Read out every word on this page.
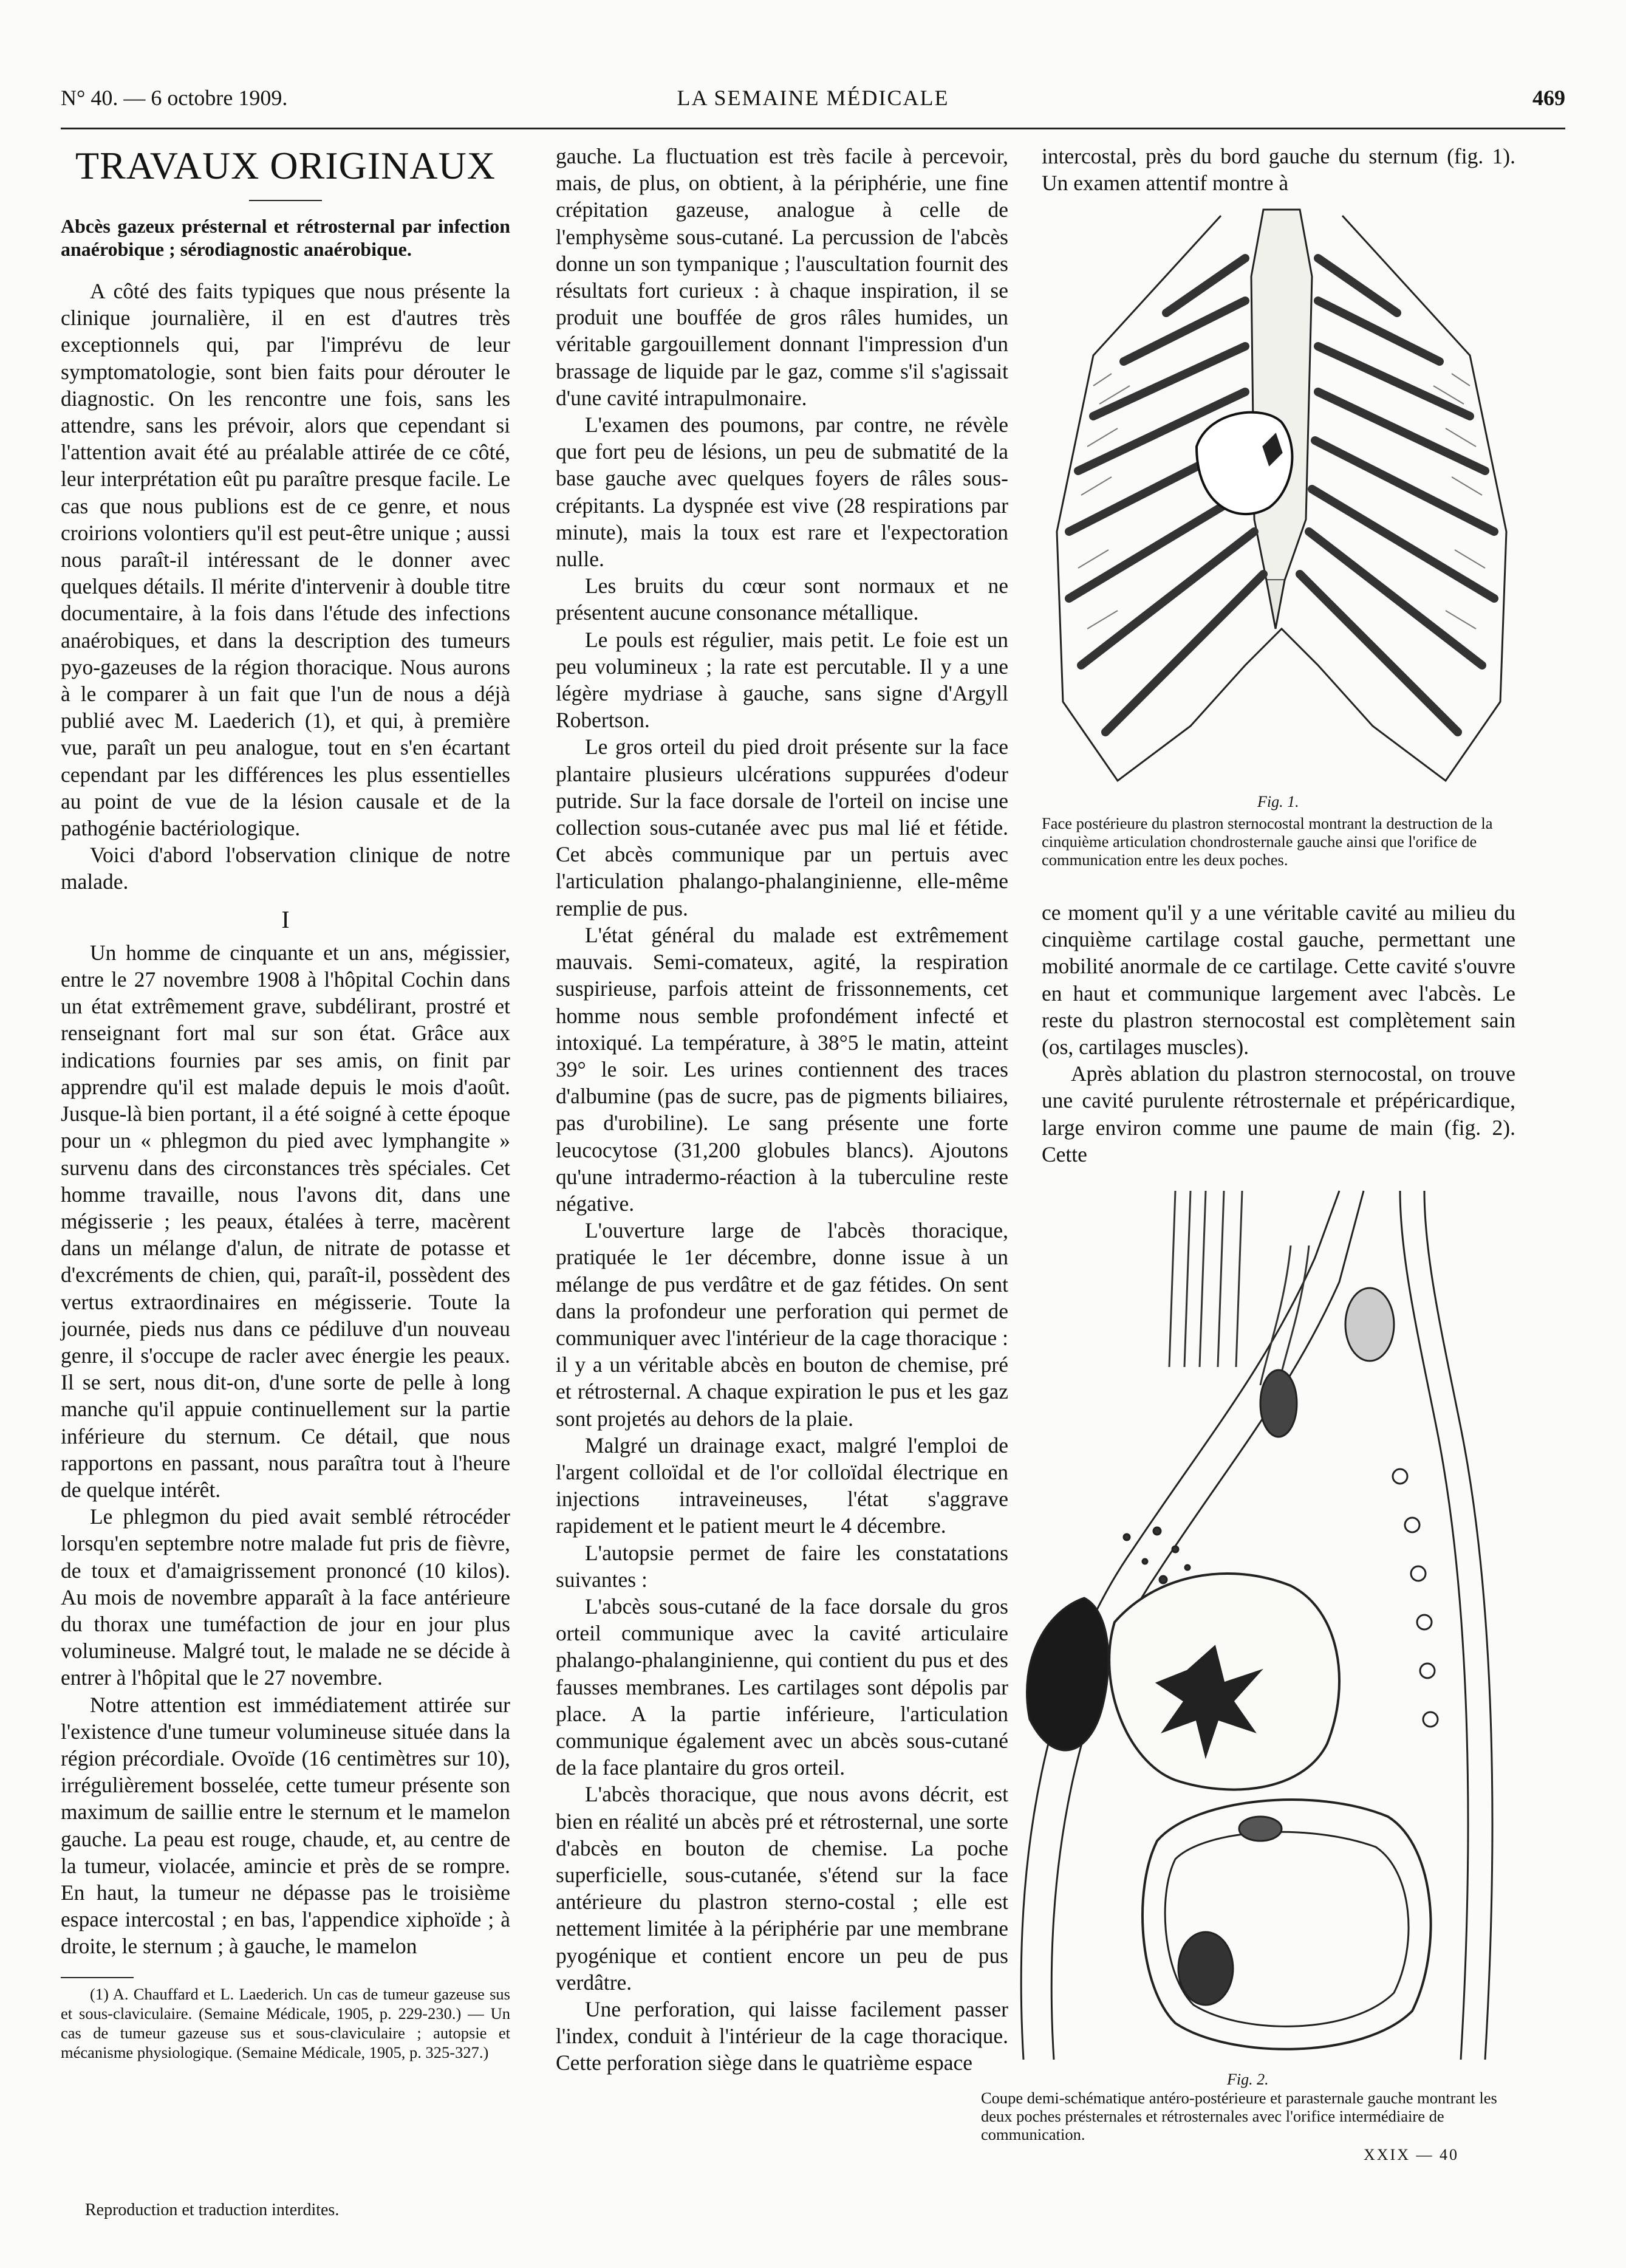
N° 40. — 6 octobre 1909.	LA SEMAINE MÉDICALE	469

TRAVAUX ORIGINAUX

Abcès gazeux présternal et rétrosternal par infection anaérobique ; sérodiagnostic anaérobique.

A côté des faits typiques que nous présente la clinique journalière, il en est d'autres très exceptionnels qui, par l'imprévu de leur symptomatologie, sont bien faits pour dérouter le diagnostic. On les rencontre une fois, sans les attendre, sans les prévoir, alors que cependant si l'attention avait été au préalable attirée de ce côté, leur interprétation eût pu paraître presque facile. Le cas que nous publions est de ce genre, et nous croirions volontiers qu'il est peut-être unique ; aussi nous paraît-il intéressant de le donner avec quelques détails. Il mérite d'intervenir à double titre documentaire, à la fois dans l'étude des infections anaérobiques, et dans la description des tumeurs pyo-gazeuses de la région thoracique. Nous aurons à le comparer à un fait que l'un de nous a déjà publié avec M. Laederich (1), et qui, à première vue, paraît un peu analogue, tout en s'en écartant cependant par les différences les plus essentielles au point de vue de la lésion causale et de la pathogénie bactériologique.

Voici d'abord l'observation clinique de notre malade.

I

Un homme de cinquante et un ans, mégissier, entre le 27 novembre 1908 à l'hôpital Cochin dans un état extrêmement grave, subdélirant, prostré et renseignant fort mal sur son état. Grâce aux indications fournies par ses amis, on finit par apprendre qu'il est malade depuis le mois d'août. Jusque-là bien portant, il a été soigné à cette époque pour un « phlegmon du pied avec lymphangite » survenu dans des circonstances très spéciales. Cet homme travaille, nous l'avons dit, dans une mégisserie ; les peaux, étalées à terre, macèrent dans un mélange d'alun, de nitrate de potasse et d'excréments de chien, qui, paraît-il, possèdent des vertus extraordinaires en mégisserie. Toute la journée, pieds nus dans ce pédiluve d'un nouveau genre, il s'occupe de racler avec énergie les peaux. Il se sert, nous dit-on, d'une sorte de pelle à long manche qu'il appuie continuellement sur la partie inférieure du sternum. Ce détail, que nous rapportons en passant, nous paraîtra tout à l'heure de quelque intérêt.

Le phlegmon du pied avait semblé rétrocéder lorsqu'en septembre notre malade fut pris de fièvre, de toux et d'amaigrissement prononcé (10 kilos). Au mois de novembre apparaît à la face antérieure du thorax une tuméfaction de jour en jour plus volumineuse. Malgré tout, le malade ne se décide à entrer à l'hôpital que le 27 novembre.

Notre attention est immédiatement attirée sur l'existence d'une tumeur volumineuse située dans la région précordiale. Ovoïde (16 centimètres sur 10), irrégulièrement bosselée, cette tumeur présente son maximum de saillie entre le sternum et le mamelon gauche. La peau est rouge, chaude, et, au centre de la tumeur, violacée, amincie et près de se rompre. En haut, la tumeur ne dépasse pas le troisième espace intercostal ; en bas, l'appendice xiphoïde ; à droite, le sternum ; à gauche, le mamelon

(1) A. Chauffard et L. Laederich. Un cas de tumeur gazeuse sus et sous-claviculaire. (Semaine Médicale, 1905, p. 229-230.) — Un cas de tumeur gazeuse sus et sous-claviculaire ; autopsie et mécanisme physiologique. (Semaine Médicale, 1905, p. 325-327.)

Reproduction et traduction interdites.

gauche. La fluctuation est très facile à percevoir, mais, de plus, on obtient, à la périphérie, une fine crépitation gazeuse, analogue à celle de l'emphysème sous-cutané. La percussion de l'abcès donne un son tympanique ; l'auscultation fournit des résultats fort curieux : à chaque inspiration, il se produit une bouffée de gros râles humides, un véritable gargouillement donnant l'impression d'un brassage de liquide par le gaz, comme s'il s'agissait d'une cavité intrapulmonaire.

L'examen des poumons, par contre, ne révèle que fort peu de lésions, un peu de submatité de la base gauche avec quelques foyers de râles sous-crépitants. La dyspnée est vive (28 respirations par minute), mais la toux est rare et l'expectoration nulle.

Les bruits du cœur sont normaux et ne présentent aucune consonance métallique.

Le pouls est régulier, mais petit. Le foie est un peu volumineux ; la rate est percutable. Il y a une légère mydriase à gauche, sans signe d'Argyll Robertson.

Le gros orteil du pied droit présente sur la face plantaire plusieurs ulcérations suppurées d'odeur putride. Sur la face dorsale de l'orteil on incise une collection sous-cutanée avec pus mal lié et fétide. Cet abcès communique par un pertuis avec l'articulation phalango-phalanginienne, elle-même remplie de pus.

L'état général du malade est extrêmement mauvais. Semi-comateux, agité, la respiration suspirieuse, parfois atteint de frissonnements, cet homme nous semble profondément infecté et intoxiqué. La température, à 38°5 le matin, atteint 39° le soir. Les urines contiennent des traces d'albumine (pas de sucre, pas de pigments biliaires, pas d'urobiline). Le sang présente une forte leucocytose (31,200 globules blancs). Ajoutons qu'une intradermo-réaction à la tuberculine reste négative.

L'ouverture large de l'abcès thoracique, pratiquée le 1er décembre, donne issue à un mélange de pus verdâtre et de gaz fétides. On sent dans la profondeur une perforation qui permet de communiquer avec l'intérieur de la cage thoracique : il y a un véritable abcès en bouton de chemise, pré et rétrosternal. A chaque expiration le pus et les gaz sont projetés au dehors de la plaie.

Malgré un drainage exact, malgré l'emploi de l'argent colloïdal et de l'or colloïdal électrique en injections intraveineuses, l'état s'aggrave rapidement et le patient meurt le 4 décembre.

L'autopsie permet de faire les constatations suivantes :

L'abcès sous-cutané de la face dorsale du gros orteil communique avec la cavité articulaire phalango-phalanginienne, qui contient du pus et des fausses membranes. Les cartilages sont dépolis par place. A la partie inférieure, l'articulation communique également avec un abcès sous-cutané de la face plantaire du gros orteil.

L'abcès thoracique, que nous avons décrit, est bien en réalité un abcès pré et rétrosternal, une sorte d'abcès en bouton de chemise. La poche superficielle, sous-cutanée, s'étend sur la face antérieure du plastron sterno-costal ; elle est nettement limitée à la périphérie par une membrane pyogénique et contient encore un peu de pus verdâtre.

Une perforation, qui laisse facilement passer l'index, conduit à l'intérieur de la cage thoracique. Cette perforation siège dans le quatrième espace

intercostal, près du bord gauche du sternum (fig. 1). Un examen attentif montre à

Fig. 1.
Face postérieure du plastron sternocostal montrant la destruction de la cinquième articulation chondrosternale gauche ainsi que l'orifice de communication entre les deux poches.

ce moment qu'il y a une véritable cavité au milieu du cinquième cartilage costal gauche, permettant une mobilité anormale de ce cartilage. Cette cavité s'ouvre en haut et communique largement avec l'abcès. Le reste du plastron sternocostal est complètement sain (os, cartilages muscles).

Après ablation du plastron sternocostal, on trouve une cavité purulente rétrosternale et prépéricardique, large environ comme une paume de main (fig. 2). Cette

Fig. 2.
Coupe demi-schématique antéro-postérieure et parasternale gauche montrant les deux poches présternales et rétrosternales avec l'orifice intermédiaire de communication.
XXIX — 40
